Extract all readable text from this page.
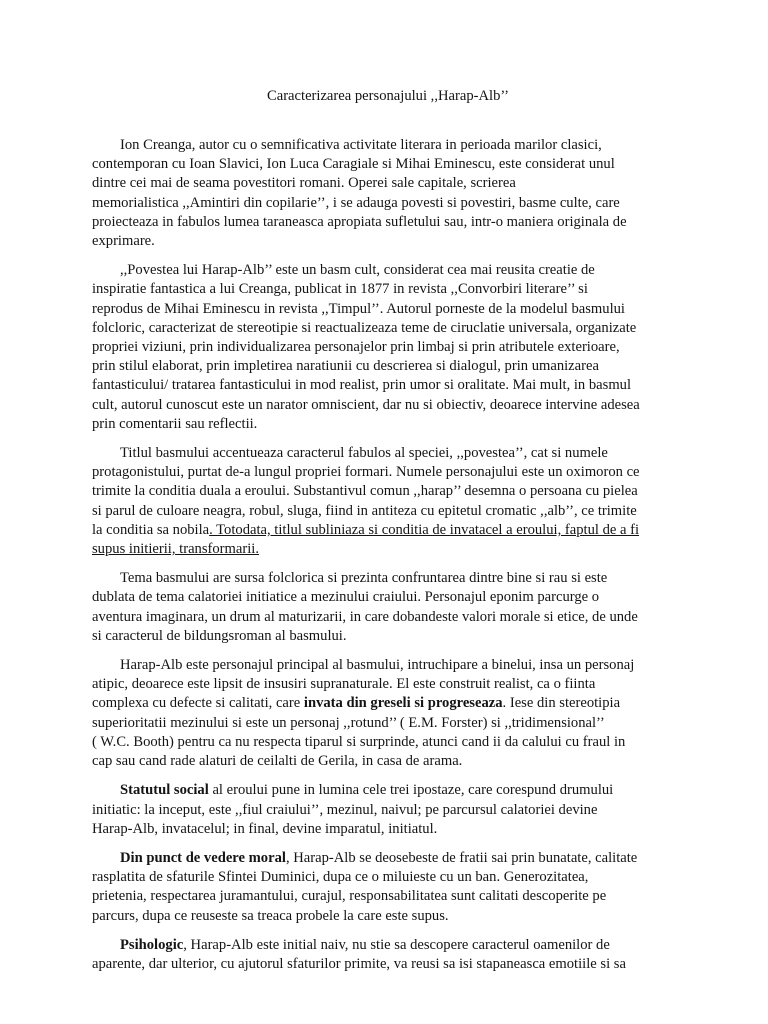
Caracterizarea personajului ,,Harap-Alb’’
Ion Creanga, autor cu o semnificativa activitate literara in perioada marilor clasici,
contemporan cu Ioan Slavici, Ion Luca Caragiale si Mihai Eminescu, este considerat unul
dintre cei mai de seama povestitori romani. Operei sale capitale, scrierea
memorialistica ,,Amintiri din copilarie’’, i se adauga povesti si povestiri, basme culte, care
proiecteaza in fabulos lumea taraneasca apropiata sufletului sau, intr-o maniera originala de
exprimare.
,,Povestea lui Harap-Alb’’ este un basm cult, considerat cea mai reusita creatie de
inspiratie fantastica a lui Creanga, publicat in 1877 in revista ,,Convorbiri literare’’ si
reprodus de Mihai Eminescu in revista ,,Timpul’’. Autorul porneste de la modelul basmului
folcloric, caracterizat de stereotipie si reactualizeaza teme de ciruclatie universala, organizate
propriei viziuni, prin individualizarea personajelor prin limbaj si prin atributele exterioare,
prin stilul elaborat, prin impletirea naratiunii cu descrierea si dialogul, prin umanizarea
fantasticului/ tratarea fantasticului in mod realist, prin umor si oralitate. Mai mult, in basmul
cult, autorul cunoscut este un narator omniscient, dar nu si obiectiv, deoarece intervine adesea
prin comentarii sau reflectii.
Titlul basmului accentueaza caracterul fabulos al speciei, ,,povestea’’, cat si numele
protagonistului, purtat de-a lungul propriei formari. Numele personajului este un oximoron ce
trimite la conditia duala a eroului. Substantivul comun ,,harap’’ desemna o persoana cu pielea
si parul de culoare neagra, robul, sluga, fiind in antiteza cu epitetul cromatic ,,alb’’, ce trimite
la conditia sa nobila. Totodata, titlul subliniaza si conditia de invatacel a eroului, faptul de a fi
supus initierii, transformarii.
Tema basmului are sursa folclorica si prezinta confruntarea dintre bine si rau si este
dublata de tema calatoriei initiatice a mezinului craiului. Personajul eponim parcurge o
aventura imaginara, un drum al maturizarii, in care dobandeste valori morale si etice, de unde
si caracterul de bildungsroman al basmului.
Harap-Alb este personajul principal al basmului, intruchipare a binelui, insa un personaj
atipic, deoarece este lipsit de insusiri supranaturale. El este construit realist, ca o fiinta
complexa cu defecte si calitati, care invata din greseli si progreseaza. Iese din stereotipia
superioritatii mezinului si este un personaj ,,rotund’’ ( E.M. Forster) si ,,tridimensional’’
( W.C. Booth) pentru ca nu respecta tiparul si surprinde, atunci cand ii da calului cu fraul in
cap sau cand rade alaturi de ceilalti de Gerila, in casa de arama.
Statutul social al eroului pune in lumina cele trei ipostaze, care corespund drumului
initiatic: la inceput, este ,,fiul craiului’’, mezinul, naivul; pe parcursul calatoriei devine
Harap-Alb, invatacelul; in final, devine imparatul, initiatul.
Din punct de vedere moral, Harap-Alb se deosebeste de fratii sai prin bunatate, calitate
rasplatita de sfaturile Sfintei Duminici, dupa ce o miluieste cu un ban. Generozitatea,
prietenia, respectarea juramantului, curajul, responsabilitatea sunt calitati descoperite pe
parcurs, dupa ce reuseste sa treaca probele la care este supus.
Psihologic, Harap-Alb este initial naiv, nu stie sa descopere caracterul oamenilor de
aparente, dar ulterior, cu ajutorul sfaturilor primite, va reusi sa isi stapaneasca emotiile si sa
